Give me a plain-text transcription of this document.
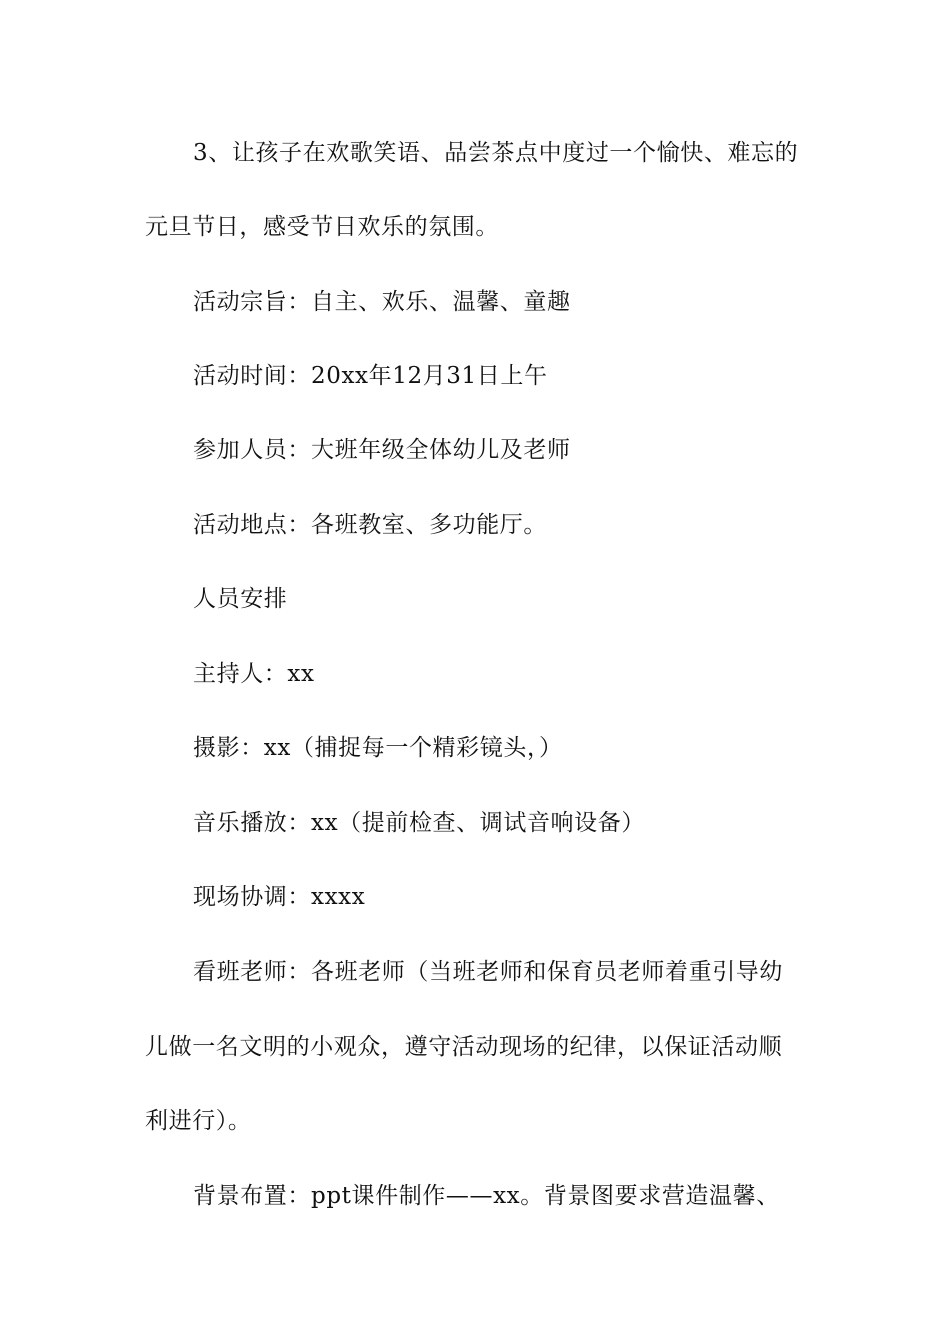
3、让孩子在欢歌笑语、品尝茶点中度过一个愉快、难忘的
元旦节日，感受节日欢乐的氛围。
活动宗旨：自主、欢乐、温馨、童趣
活动时间：20xx年12月31日上午
参加人员：大班年级全体幼儿及老师
活动地点：各班教室、多功能厅。
人员安排
主持人：xx
摄影：xx（捕捉每一个精彩镜头，）
音乐播放：xx（提前检查、调试音响设备）
现场协调：xxxx
看班老师：各班老师（当班老师和保育员老师着重引导幼
儿做一名文明的小观众，遵守活动现场的纪律，以保证活动顺
利进行）。
背景布置：ppt课件制作——xx。背景图要求营造温馨、
